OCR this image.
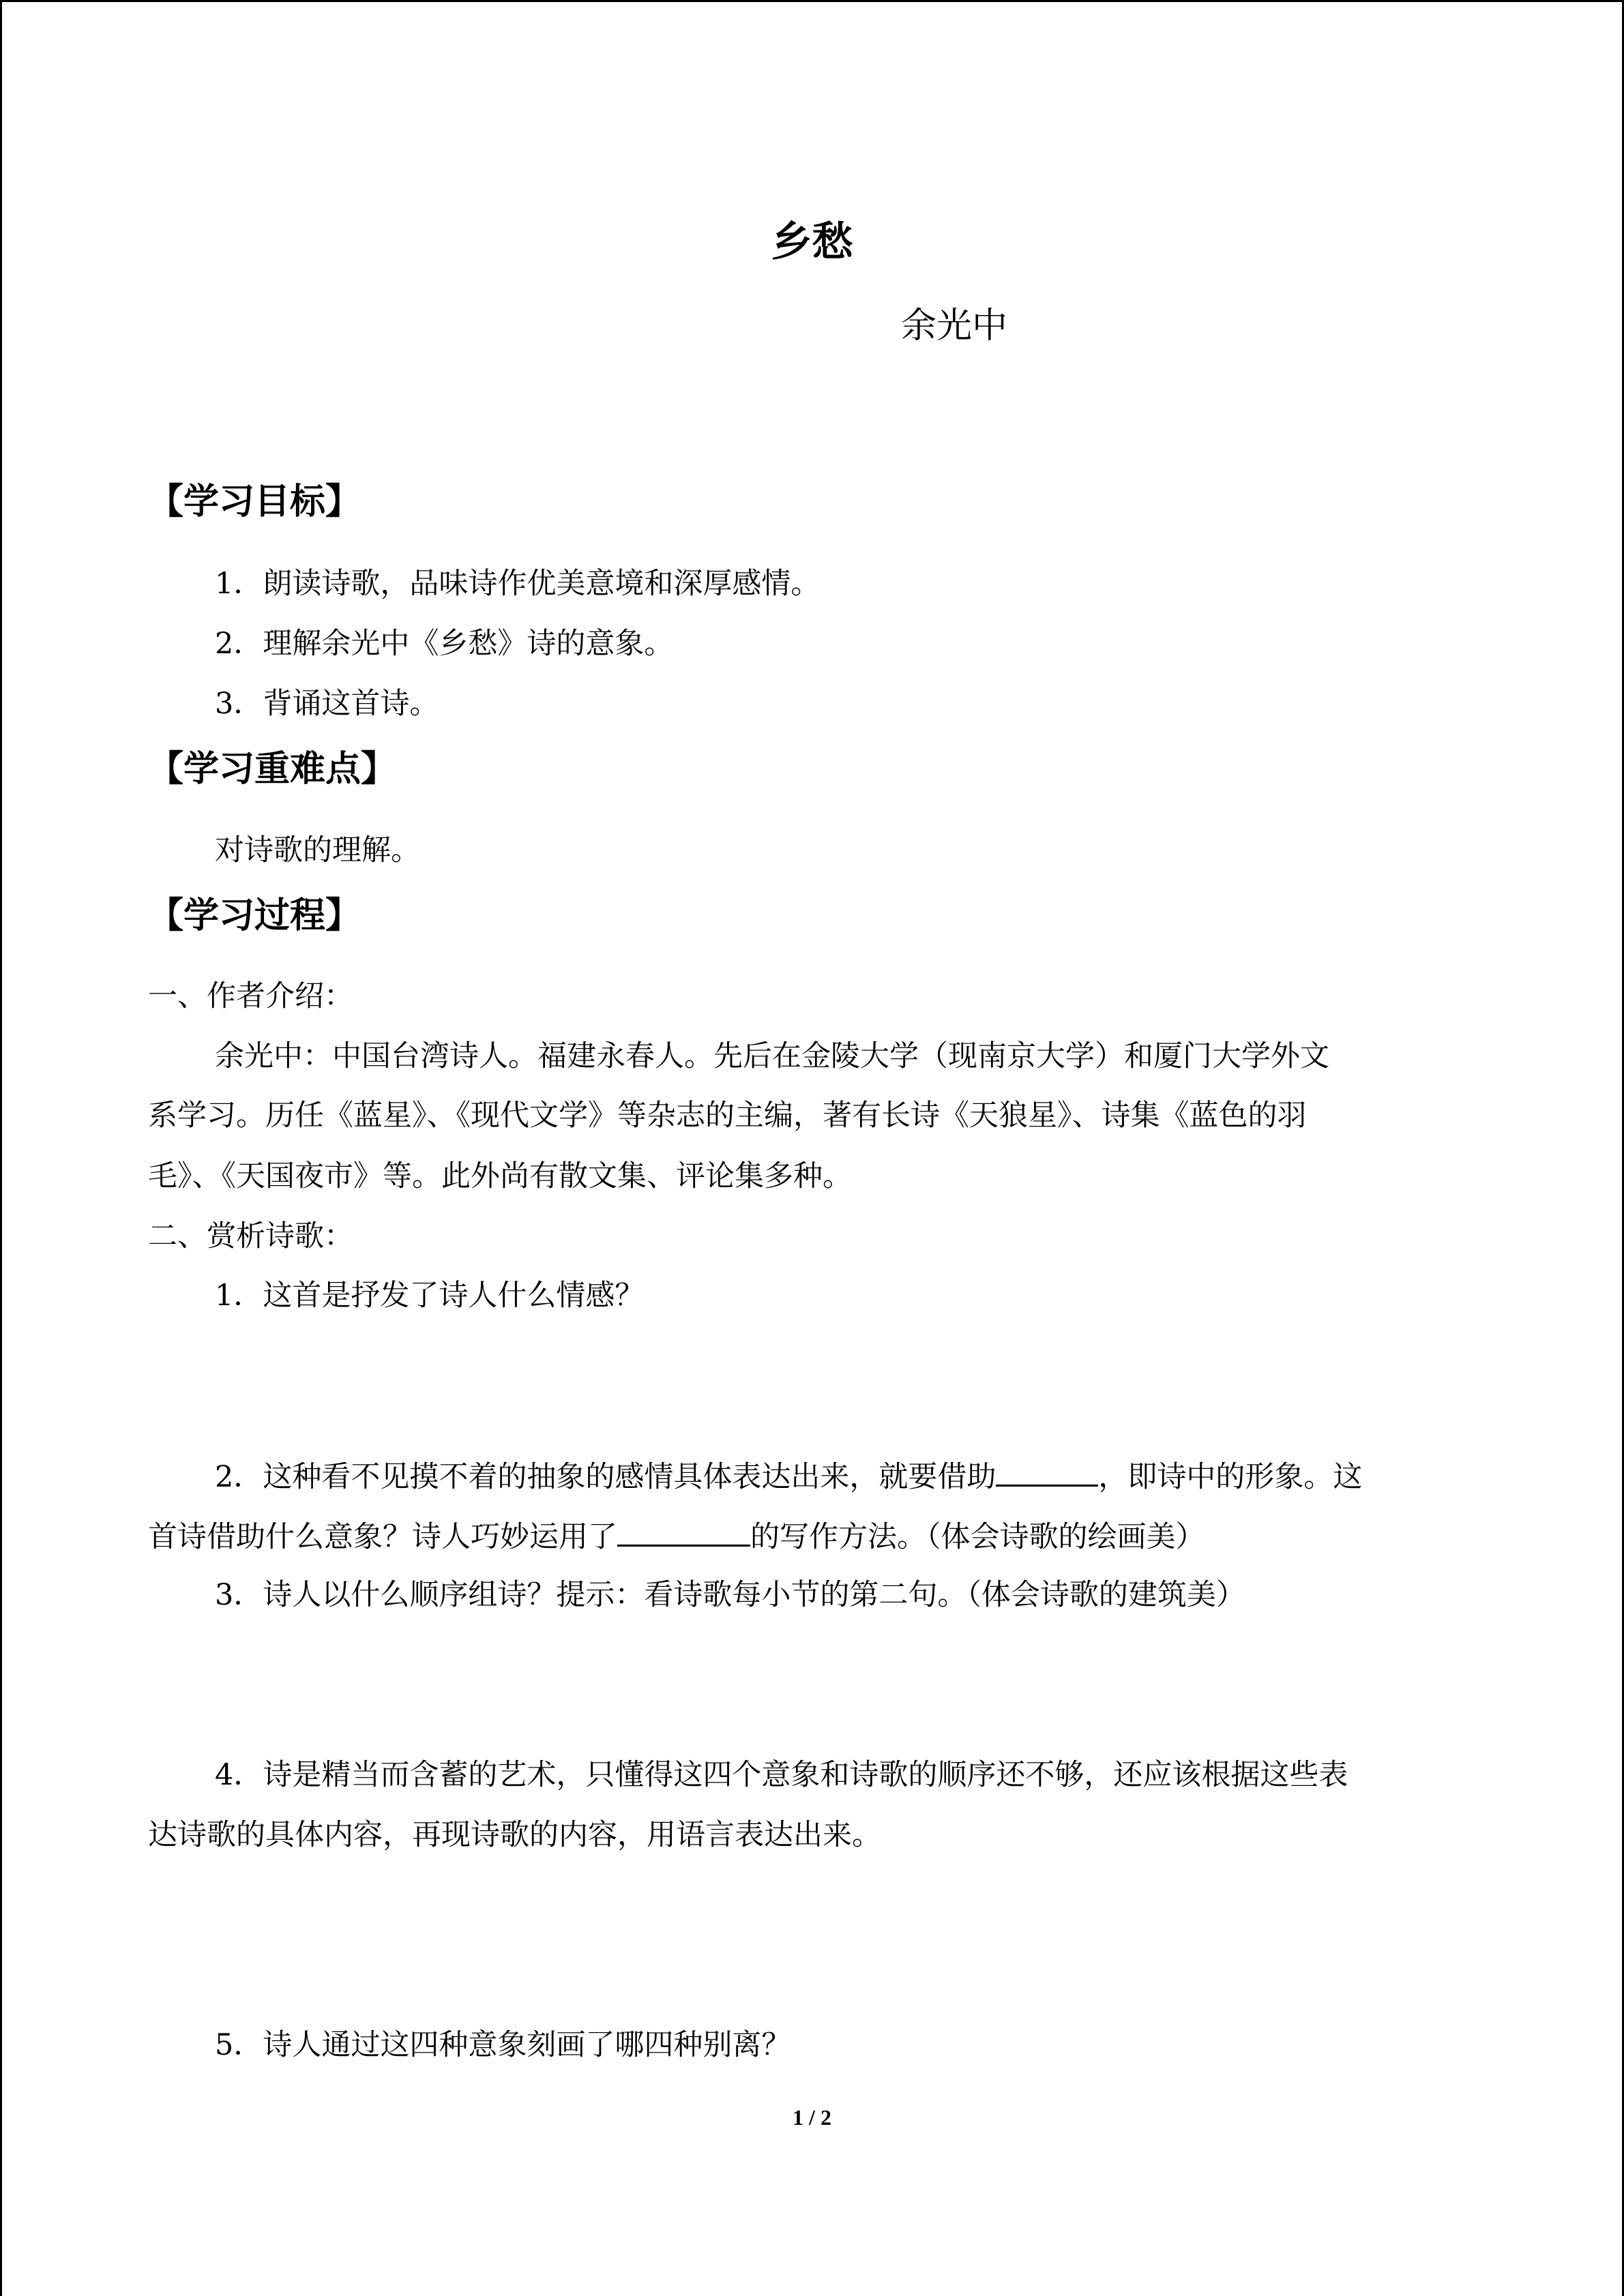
乡愁
余光中
【学习目标】
1．朗读诗歌，品味诗作优美意境和深厚感情。
2．理解余光中《乡愁》诗的意象。
3．背诵这首诗。
【学习重难点】
对诗歌的理解。
【学习过程】
一、作者介绍：
余光中：中国台湾诗人。福建永春人。先后在金陵大学（现南京大学）和厦门大学外文
系学习。历任《蓝星》、《现代文学》等杂志的主编，著有长诗《天狼星》、诗集《蓝色的羽
毛》、《天国夜市》等。此外尚有散文集、评论集多种。
二、赏析诗歌：
1．这首是抒发了诗人什么情感？
2．这种看不见摸不着的抽象的感情具体表达出来，就要借助	，即诗中的形象。这
首诗借助什么意象？诗人巧妙运用了	的写作方法。（体会诗歌的绘画美）
3．诗人以什么顺序组诗？提示：看诗歌每小节的第二句。（体会诗歌的建筑美）
4．诗是精当而含蓄的艺术，只懂得这四个意象和诗歌的顺序还不够，还应该根据这些表
达诗歌的具体内容，再现诗歌的内容，用语言表达出来。
5．诗人通过这四种意象刻画了哪四种别离？
1 / 2
